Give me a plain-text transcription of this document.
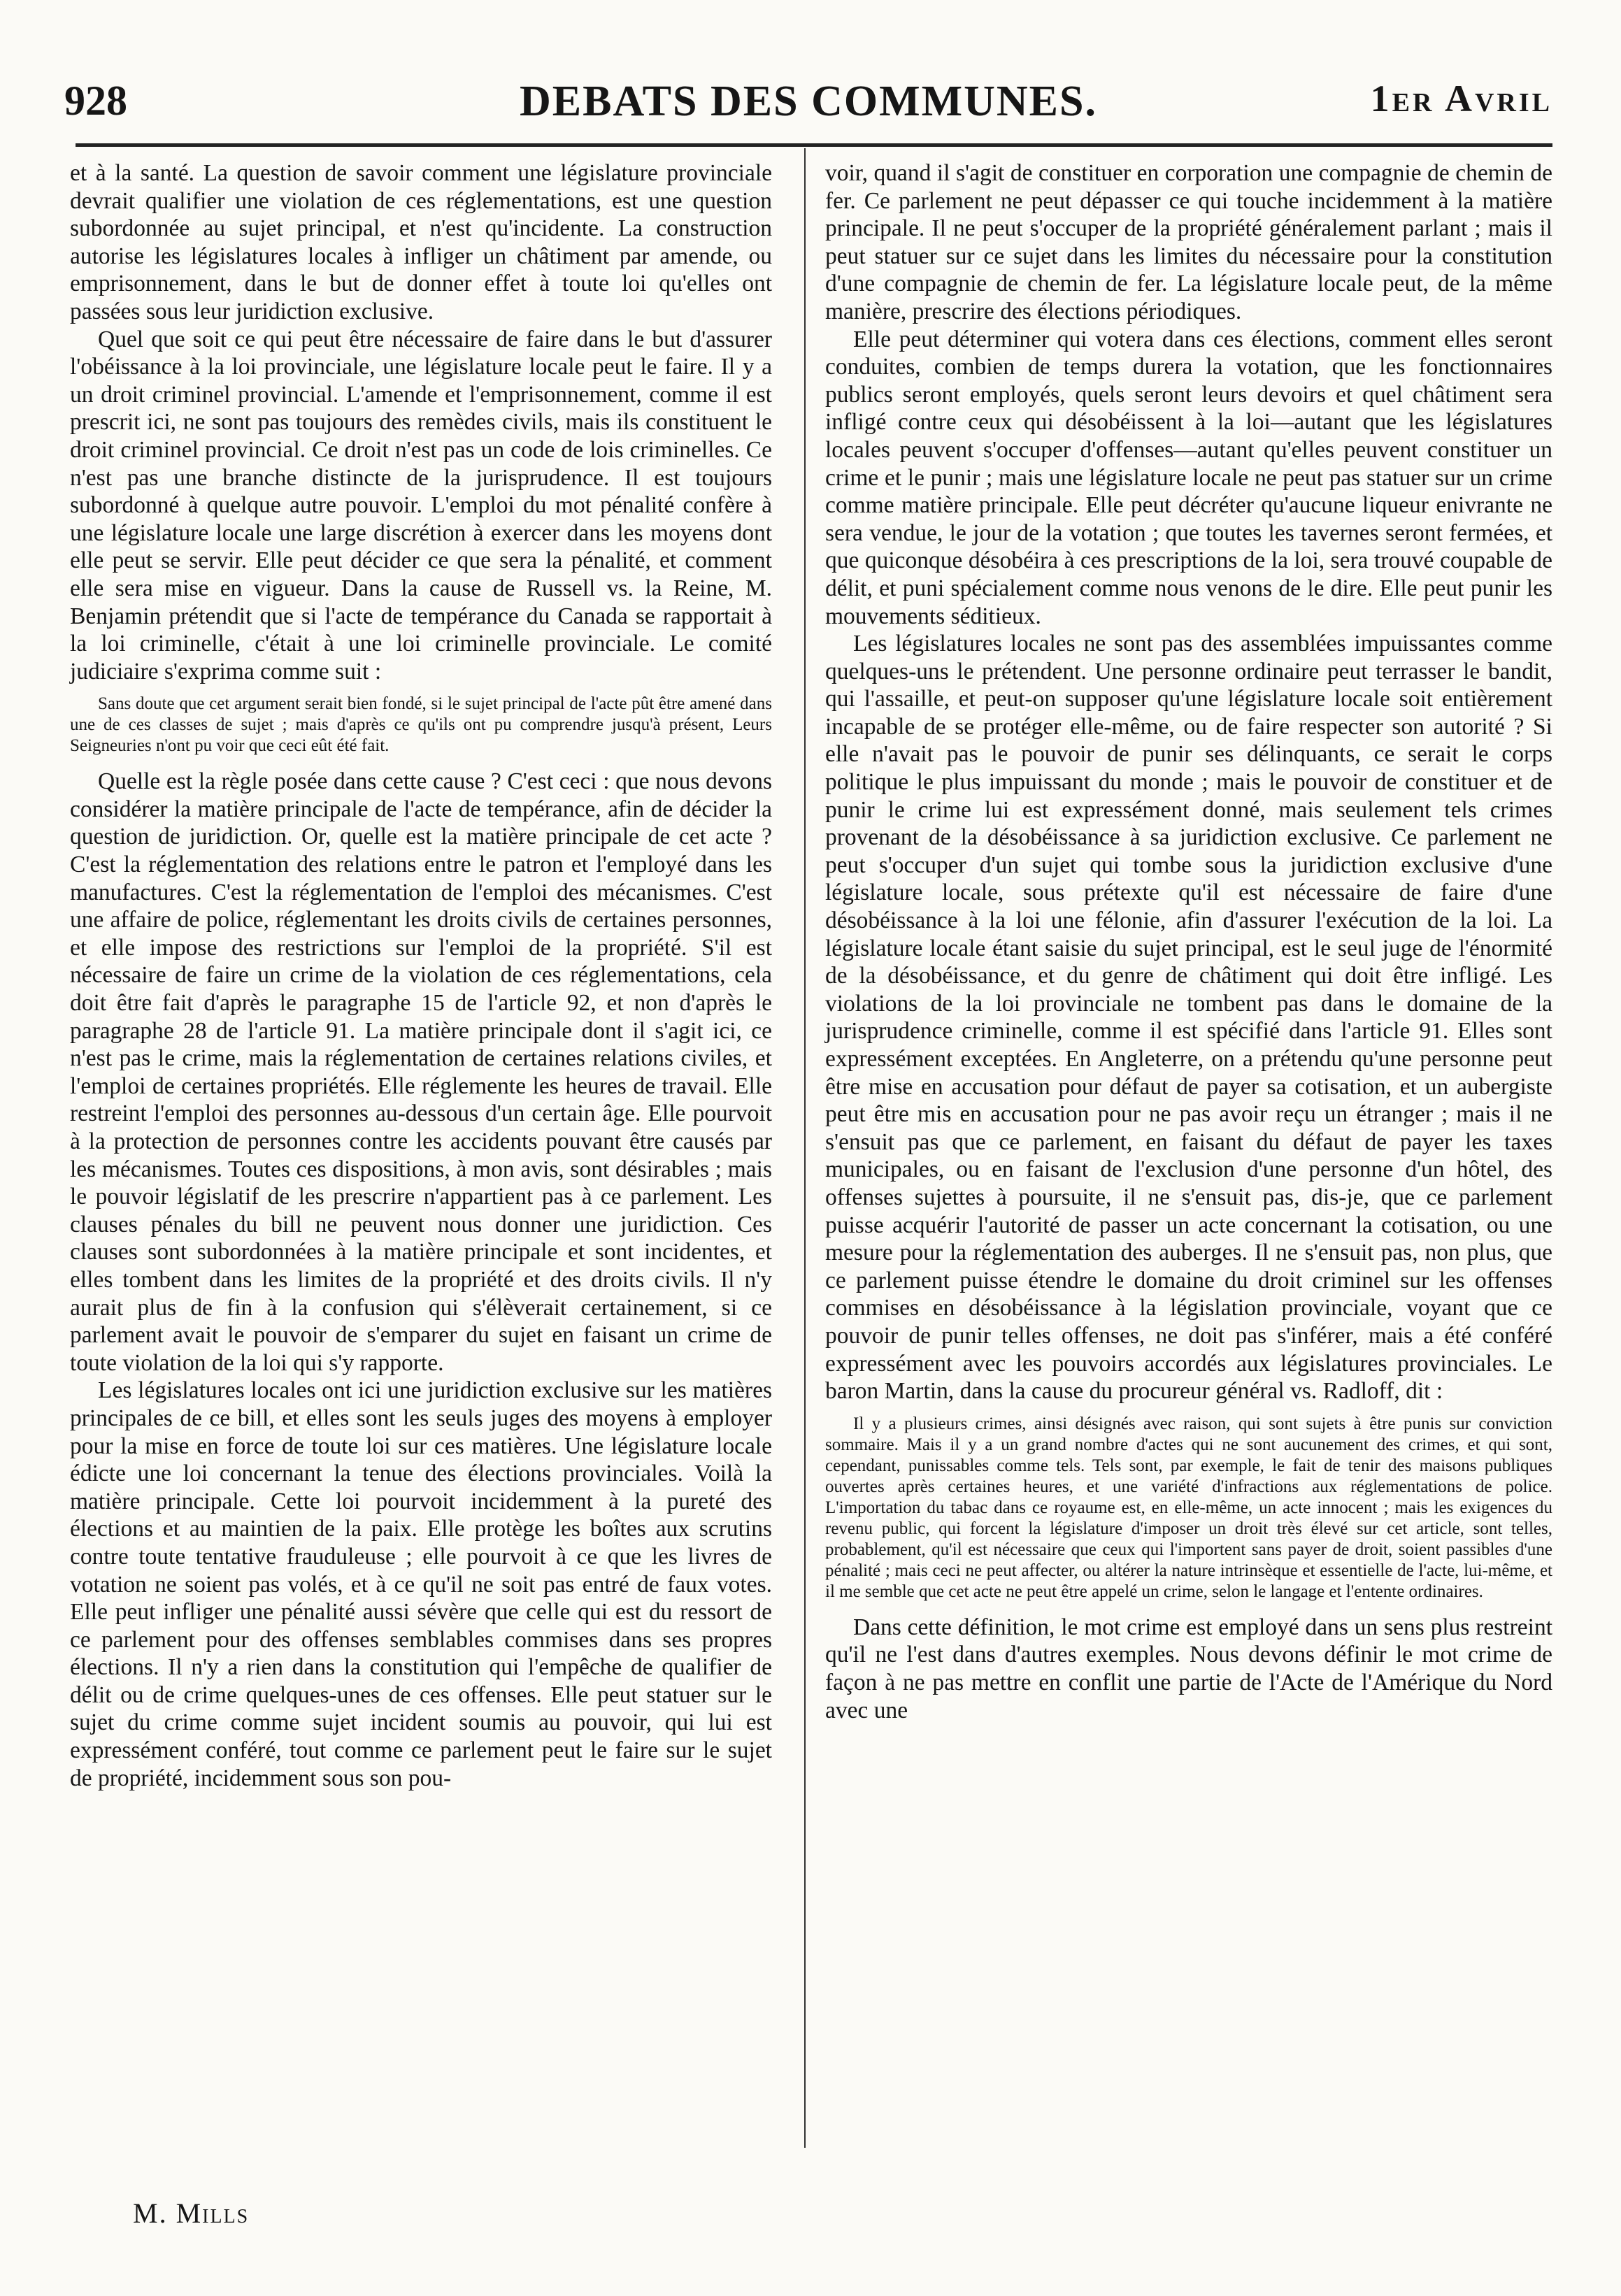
928	DEBATS DES COMMUNES.	1er Avril

et à la santé. La question de savoir comment une législature provinciale devrait qualifier une violation de ces réglementations, est une question subordonnée au sujet principal, et n'est qu'incidente. La construction autorise les législatures locales à infliger un châtiment par amende, ou emprisonnement, dans le but de donner effet à toute loi qu'elles ont passées sous leur juridiction exclusive.

Quel que soit ce qui peut être nécessaire de faire dans le but d'assurer l'obéissance à la loi provinciale, une législature locale peut le faire. Il y a un droit criminel provincial. L'amende et l'emprisonnement, comme il est prescrit ici, ne sont pas toujours des remèdes civils, mais ils constituent le droit criminel provincial. Ce droit n'est pas un code de lois criminelles. Ce n'est pas une branche distincte de la jurisprudence. Il est toujours subordonné à quelque autre pouvoir. L'emploi du mot pénalité confère à une législature locale une large discrétion à exercer dans les moyens dont elle peut se servir. Elle peut décider ce que sera la pénalité, et comment elle sera mise en vigueur. Dans la cause de Russell vs. la Reine, M. Benjamin prétendit que si l'acte de tempérance du Canada se rapportait à la loi criminelle, c'était à une loi criminelle provinciale. Le comité judiciaire s'exprima comme suit :

Sans doute que cet argument serait bien fondé, si le sujet principal de l'acte pût être amené dans une de ces classes de sujet ; mais d'après ce qu'ils ont pu comprendre jusqu'à présent, Leurs Seigneuries n'ont pu voir que ceci eût été fait.

Quelle est la règle posée dans cette cause ? C'est ceci : que nous devons considérer la matière principale de l'acte de tempérance, afin de décider la question de juridiction. Or, quelle est la matière principale de cet acte ? C'est la réglementation des relations entre le patron et l'employé dans les manufactures. C'est la réglementation de l'emploi des mécanismes. C'est une affaire de police, réglementant les droits civils de certaines personnes, et elle impose des restrictions sur l'emploi de la propriété. S'il est nécessaire de faire un crime de la violation de ces réglementations, cela doit être fait d'après le paragraphe 15 de l'article 92, et non d'après le paragraphe 28 de l'article 91. La matière principale dont il s'agit ici, ce n'est pas le crime, mais la réglementation de certaines relations civiles, et l'emploi de certaines propriétés. Elle réglemente les heures de travail. Elle restreint l'emploi des personnes au-dessous d'un certain âge. Elle pourvoit à la protection de personnes contre les accidents pouvant être causés par les mécanismes. Toutes ces dispositions, à mon avis, sont désirables ; mais le pouvoir législatif de les prescrire n'appartient pas à ce parlement. Les clauses pénales du bill ne peuvent nous donner une juridiction. Ces clauses sont subordonnées à la matière principale et sont incidentes, et elles tombent dans les limites de la propriété et des droits civils. Il n'y aurait plus de fin à la confusion qui s'élèverait certainement, si ce parlement avait le pouvoir de s'emparer du sujet en faisant un crime de toute violation de la loi qui s'y rapporte.

Les législatures locales ont ici une juridiction exclusive sur les matières principales de ce bill, et elles sont les seuls juges des moyens à employer pour la mise en force de toute loi sur ces matières. Une législature locale édicte une loi concernant la tenue des élections provinciales. Voilà la matière principale. Cette loi pourvoit incidemment à la pureté des élections et au maintien de la paix. Elle protège les boîtes aux scrutins contre toute tentative frauduleuse ; elle pourvoit à ce que les livres de votation ne soient pas volés, et à ce qu'il ne soit pas entré de faux votes. Elle peut infliger une pénalité aussi sévère que celle qui est du ressort de ce parlement pour des offenses semblables commises dans ses propres élections. Il n'y a rien dans la constitution qui l'empêche de qualifier de délit ou de crime quelques-unes de ces offenses. Elle peut statuer sur le sujet du crime comme sujet incident soumis au pouvoir, qui lui est expressément conféré, tout comme ce parlement peut le faire sur le sujet de propriété, incidemment sous son pou-

voir, quand il s'agit de constituer en corporation une compagnie de chemin de fer. Ce parlement ne peut dépasser ce qui touche incidemment à la matière principale. Il ne peut s'occuper de la propriété généralement parlant ; mais il peut statuer sur ce sujet dans les limites du nécessaire pour la constitution d'une compagnie de chemin de fer. La législature locale peut, de la même manière, prescrire des élections périodiques.

Elle peut déterminer qui votera dans ces élections, comment elles seront conduites, combien de temps durera la votation, que les fonctionnaires publics seront employés, quels seront leurs devoirs et quel châtiment sera infligé contre ceux qui désobéissent à la loi—autant que les législatures locales peuvent s'occuper d'offenses—autant qu'elles peuvent constituer un crime et le punir ; mais une législature locale ne peut pas statuer sur un crime comme matière principale. Elle peut décréter qu'aucune liqueur enivrante ne sera vendue, le jour de la votation ; que toutes les tavernes seront fermées, et que quiconque désobéira à ces prescriptions de la loi, sera trouvé coupable de délit, et puni spécialement comme nous venons de le dire. Elle peut punir les mouvements séditieux.

Les législatures locales ne sont pas des assemblées impuissantes comme quelques-uns le prétendent. Une personne ordinaire peut terrasser le bandit, qui l'assaille, et peut-on supposer qu'une législature locale soit entièrement incapable de se protéger elle-même, ou de faire respecter son autorité ? Si elle n'avait pas le pouvoir de punir ses délinquants, ce serait le corps politique le plus impuissant du monde ; mais le pouvoir de constituer et de punir le crime lui est expressément donné, mais seulement tels crimes provenant de la désobéissance à sa juridiction exclusive. Ce parlement ne peut s'occuper d'un sujet qui tombe sous la juridiction exclusive d'une législature locale, sous prétexte qu'il est nécessaire de faire d'une désobéissance à la loi une félonie, afin d'assurer l'exécution de la loi. La législature locale étant saisie du sujet principal, est le seul juge de l'énormité de la désobéissance, et du genre de châtiment qui doit être infligé. Les violations de la loi provinciale ne tombent pas dans le domaine de la jurisprudence criminelle, comme il est spécifié dans l'article 91. Elles sont expressément exceptées. En Angleterre, on a prétendu qu'une personne peut être mise en accusation pour défaut de payer sa cotisation, et un aubergiste peut être mis en accusation pour ne pas avoir reçu un étranger ; mais il ne s'ensuit pas que ce parlement, en faisant du défaut de payer les taxes municipales, ou en faisant de l'exclusion d'une personne d'un hôtel, des offenses sujettes à poursuite, il ne s'ensuit pas, dis-je, que ce parlement puisse acquérir l'autorité de passer un acte concernant la cotisation, ou une mesure pour la réglementation des auberges. Il ne s'ensuit pas, non plus, que ce parlement puisse étendre le domaine du droit criminel sur les offenses commises en désobéissance à la législation provinciale, voyant que ce pouvoir de punir telles offenses, ne doit pas s'inférer, mais a été conféré expressément avec les pouvoirs accordés aux législatures provinciales. Le baron Martin, dans la cause du procureur général vs. Radloff, dit :

Il y a plusieurs crimes, ainsi désignés avec raison, qui sont sujets à être punis sur conviction sommaire. Mais il y a un grand nombre d'actes qui ne sont aucunement des crimes, et qui sont, cependant, punissables comme tels. Tels sont, par exemple, le fait de tenir des maisons publiques ouvertes après certaines heures, et une variété d'infractions aux réglementations de police. L'importation du tabac dans ce royaume est, en elle-même, un acte innocent ; mais les exigences du revenu public, qui forcent la législature d'imposer un droit très élevé sur cet article, sont telles, probablement, qu'il est nécessaire que ceux qui l'importent sans payer de droit, soient passibles d'une pénalité ; mais ceci ne peut affecter, ou altérer la nature intrinsèque et essentielle de l'acte, lui-même, et il me semble que cet acte ne peut être appelé un crime, selon le langage et l'entente ordinaires.

Dans cette définition, le mot crime est employé dans un sens plus restreint qu'il ne l'est dans d'autres exemples. Nous devons définir le mot crime de façon à ne pas mettre en conflit une partie de l'Acte de l'Amérique du Nord avec une

M. Mills
